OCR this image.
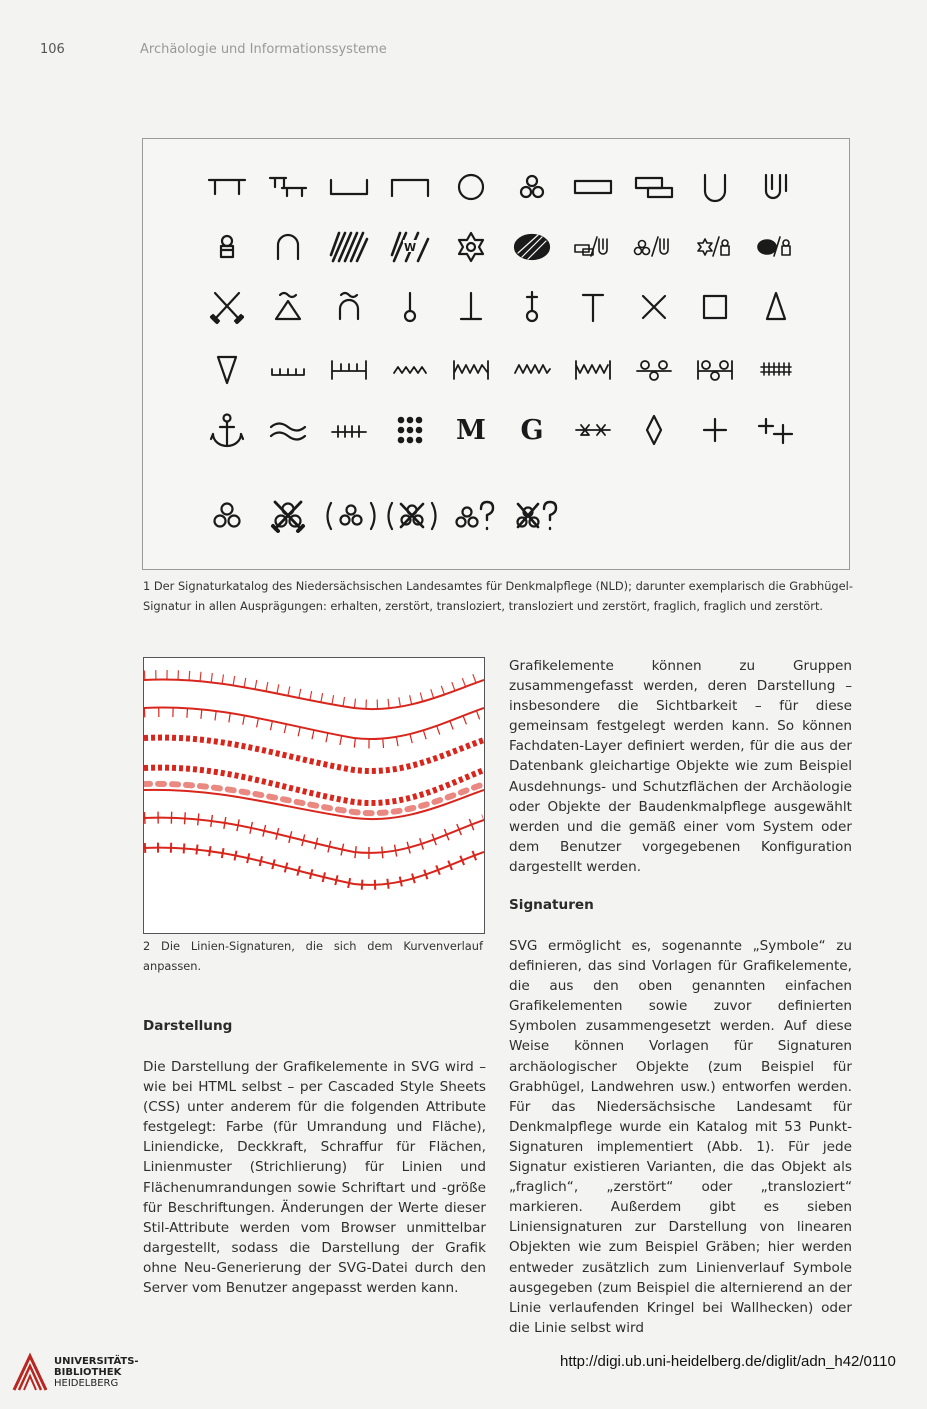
106	Archäologie und Informationssysteme
W
M G
1 Der Signaturkatalog des Niedersächsischen Landesamtes für Denkmalpflege (NLD); darunter exemplarisch die Grabhügel-Signatur in allen Ausprägungen: erhalten, zerstört, transloziert, transloziert und zerstört, fraglich, fraglich und zerstört.
2 Die Linien-Signaturen, die sich dem Kurvenverlauf anpassen.
Darstellung
Die Darstellung der Grafikelemente in SVG wird – wie bei HTML selbst – per Cascaded Style Sheets (CSS) unter anderem für die folgenden Attribute festgelegt: Farbe (für Umrandung und Fläche), Liniendicke, Deckkraft, Schraffur für Flächen, Linienmuster (Strichlierung) für Linien und Flächenumrandungen sowie Schriftart und -größe für Beschriftungen. Änderungen der Werte dieser Stil-Attribute werden vom Browser unmittelbar dargestellt, sodass die Darstellung der Grafik ohne Neu-Generierung der SVG-Datei durch den Server vom Benutzer angepasst werden kann.
Grafikelemente können zu Gruppen zusammengefasst werden, deren Darstellung – insbesondere die Sichtbarkeit – für diese gemeinsam festgelegt werden kann. So können Fachdaten-Layer definiert werden, für die aus der Datenbank gleichartige Objekte wie zum Beispiel Ausdehnungs- und Schutzflächen der Archäologie oder Objekte der Baudenkmalpflege ausgewählt werden und die gemäß einer vom System oder dem Benutzer vorgegebenen Konfiguration dargestellt werden.
Signaturen
SVG ermöglicht es, sogenannte „Symbole“ zu definieren, das sind Vorlagen für Grafikelemente, die aus den oben genannten einfachen Grafikelementen sowie zuvor definierten Symbolen zusammengesetzt werden. Auf diese Weise können Vorlagen für Signaturen archäologischer Objekte (zum Beispiel für Grabhügel, Landwehren usw.) entworfen werden. Für das Niedersächsische Landesamt für Denkmalpflege wurde ein Katalog mit 53 Punkt-Signaturen implementiert (Abb. 1). Für jede Signatur existieren Varianten, die das Objekt als „fraglich“, „zerstört“ oder „transloziert“ markieren. Außerdem gibt es sieben Liniensignaturen zur Darstellung von linearen Objekten wie zum Beispiel Gräben; hier werden entweder zusätzlich zum Linienverlauf Symbole ausgegeben (zum Beispiel die alternierend an der Linie verlaufenden Kringel bei Wallhecken) oder die Linie selbst wird
UNIVERSITÄTS-
BIBLIOTHEK
HEIDELBERG
http://digi.ub.uni-heidelberg.de/diglit/adn_h42/0110
